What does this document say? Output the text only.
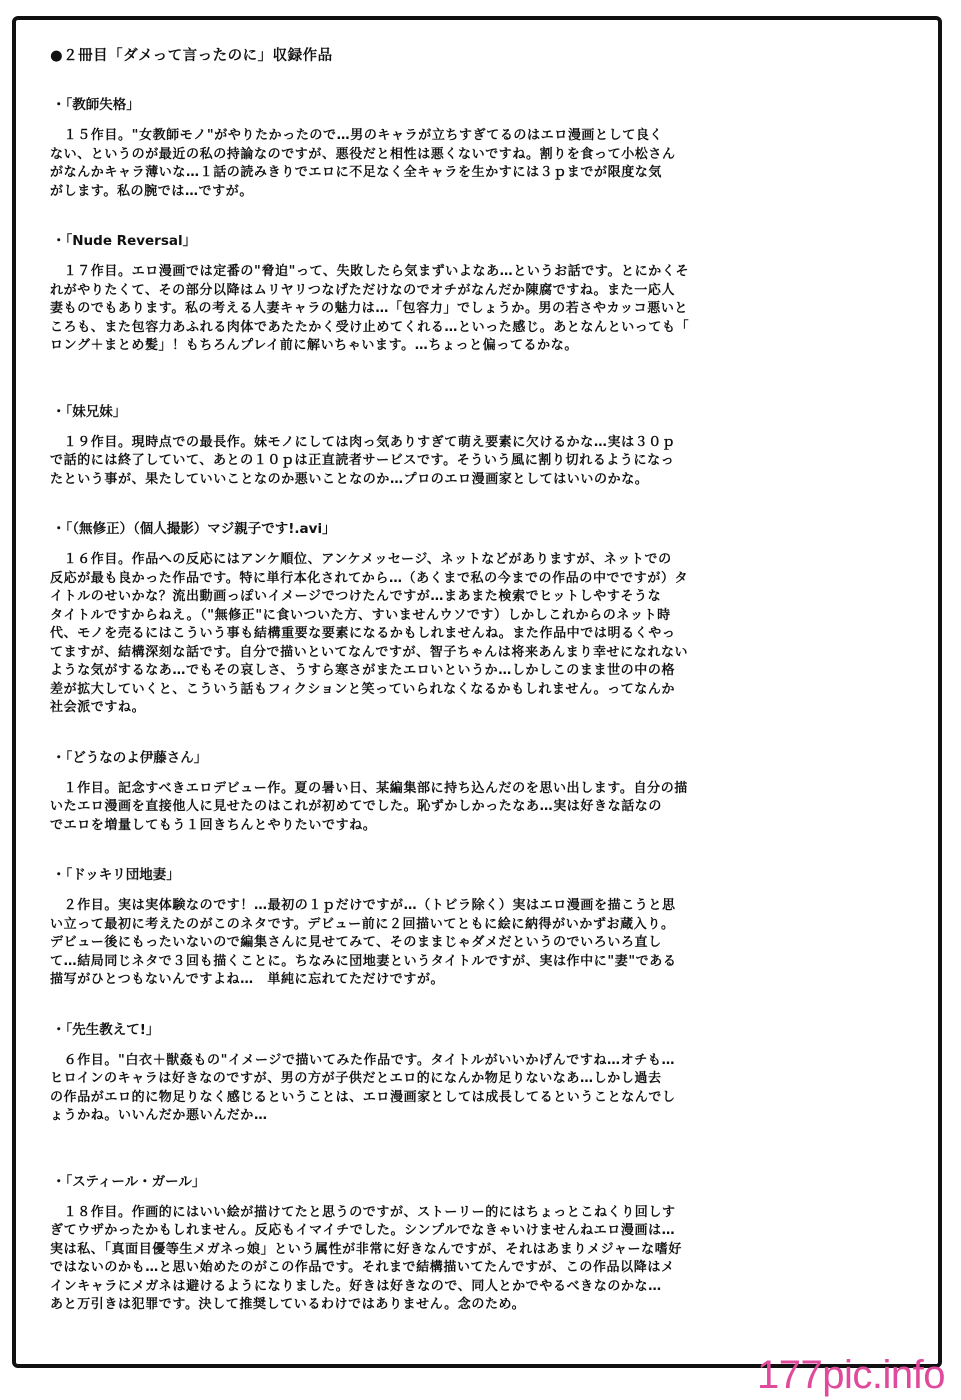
●２冊目「ダメって言ったのに」収録作品
・「教師失格」

　１５作目。"女教師モノ"がやりたかったので…男のキャラが立ちすぎてるのはエロ漫画として良く

ない、というのが最近の私の持論なのですが、悪役だと相性は悪くないですね。割りを食って小松さん

がなんかキャラ薄いな…１話の読みきりでエロに不足なく全キャラを生かすには３ｐまでが限度な気

がします。私の腕では…ですが。

・「Nude Reversal」

　１７作目。エロ漫画では定番の"脅迫"って、失敗したら気まずいよなあ…というお話です。とにかくそ

れがやりたくて、その部分以降はムリヤリつなげただけなのでオチがなんだか陳腐ですね。また一応人

妻ものでもあります。私の考える人妻キャラの魅力は…「包容力」でしょうか。男の若さやカッコ悪いと

ころも、また包容力あふれる肉体であたたかく受け止めてくれる…といった感じ。あとなんといっても「

ロング＋まとめ髪」！もちろんプレイ前に解いちゃいます。…ちょっと偏ってるかな。

・「妹兄妹」

　１９作目。現時点での最長作。妹モノにしては肉っ気ありすぎて萌え要素に欠けるかな…実は３０ｐ

で話的には終了していて、あとの１０ｐは正直読者サービスです。そういう風に割り切れるようになっ

たという事が、果たしていいことなのか悪いことなのか…プロのエロ漫画家としてはいいのかな。

・「（無修正）（個人撮影）マジ親子です!.avi」

　１６作目。作品への反応にはアンケ順位、アンケメッセージ、ネットなどがありますが、ネットでの

反応が最も良かった作品です。特に単行本化されてから…（あくまで私の今までの作品の中でですが）タ

イトルのせいかな？流出動画っぽいイメージでつけたんですが…まあまた検索でヒットしやすそうな

タイトルですからねえ。（"無修正"に食いついた方、すいませんウソです）しかしこれからのネット時

代、モノを売るにはこういう事も結構重要な要素になるかもしれませんね。また作品中では明るくやっ

てますが、結構深刻な話です。自分で描いといてなんですが、智子ちゃんは将来あんまり幸せになれない

ような気がするなあ…でもその哀しさ、うすら寒さがまたエロいというか…しかしこのまま世の中の格

差が拡大していくと、こういう話もフィクションと笑っていられなくなるかもしれません。ってなんか

社会派ですね。

・「どうなのよ伊藤さん」

　１作目。記念すべきエロデビュー作。夏の暑い日、某編集部に持ち込んだのを思い出します。自分の描

いたエロ漫画を直接他人に見せたのはこれが初めてでした。恥ずかしかったなあ…実は好きな話なの

でエロを増量してもう１回きちんとやりたいですね。

・「ドッキリ団地妻」

　２作目。実は実体験なのです！…最初の１ｐだけですが…（トビラ除く）実はエロ漫画を描こうと思

い立って最初に考えたのがこのネタです。デビュー前に２回描いてともに絵に納得がいかずお蔵入り。

デビュー後にもったいないので編集さんに見せてみて、そのままじゃダメだというのでいろいろ直し

て…結局同じネタで３回も描くことに。ちなみに団地妻というタイトルですが、実は作中に"妻"である

描写がひとつもないんですよね…　単純に忘れてただけですが。

・「先生教えて!」

　６作目。"白衣＋獣姦もの"イメージで描いてみた作品です。タイトルがいいかげんですね…オチも…

ヒロインのキャラは好きなのですが、男の方が子供だとエロ的になんか物足りないなあ…しかし過去

の作品がエロ的に物足りなく感じるということは、エロ漫画家としては成長してるということなんでし

ょうかね。いいんだか悪いんだか…

・「スティール・ガール」

　１８作目。作画的にはいい絵が描けてたと思うのですが、ストーリー的にはちょっとこねくり回しす

ぎてウザかったかもしれません。反応もイマイチでした。シンプルでなきゃいけませんねエロ漫画は…

実は私、「真面目優等生メガネっ娘」という属性が非常に好きなんですが、それはあまりメジャーな嗜好

ではないのかも…と思い始めたのがこの作品です。それまで結構描いてたんですが、この作品以降はメ

インキャラにメガネは避けるようになりました。好きは好きなので、同人とかでやるべきなのかな…

あと万引きは犯罪です。決して推奨しているわけではありません。念のため。

177pic.info
